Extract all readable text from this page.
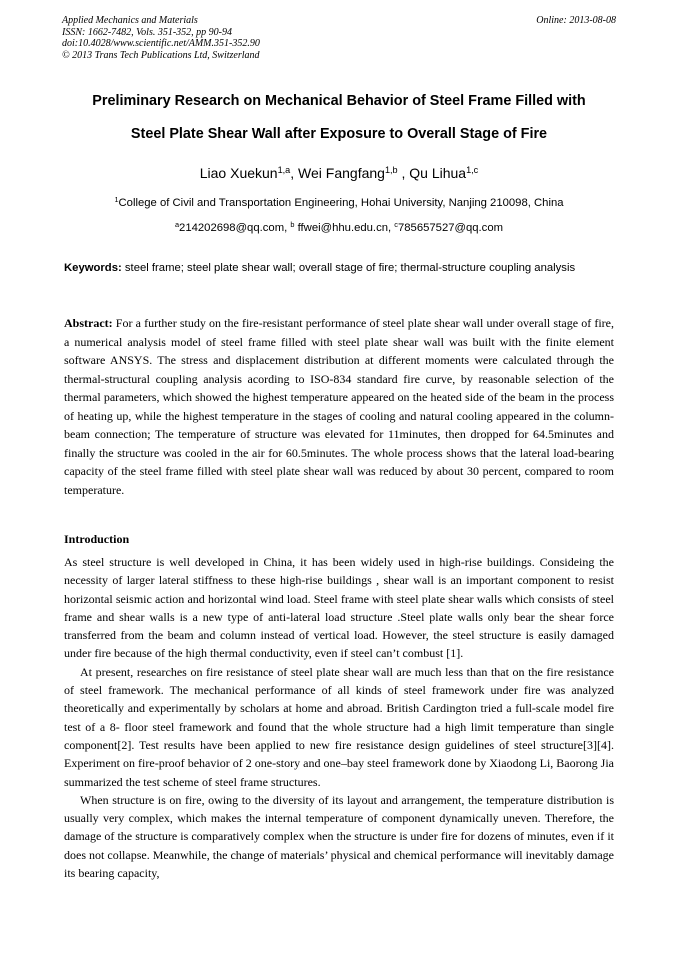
Applied Mechanics and Materials
ISSN: 1662-7482, Vols. 351-352, pp 90-94
doi:10.4028/www.scientific.net/AMM.351-352.90
© 2013 Trans Tech Publications Ltd, Switzerland
Online: 2013-08-08
Preliminary Research on Mechanical Behavior of Steel Frame Filled with
Steel Plate Shear Wall after Exposure to Overall Stage of Fire
Liao Xuekun$^{1,a}$, Wei Fangfang$^{1,b}$ , Qu Lihua$^{1,c}$
$^1$College of Civil and Transportation Engineering, Hohai University, Nanjing 210098, China
$^a$214202698@qq.com, $^b$ ffwei@hhu.edu.cn, $^c$785657527@qq.com
Keywords: steel frame; steel plate shear wall; overall stage of fire; thermal-structure coupling analysis
Abstract: For a further study on the fire-resistant performance of steel plate shear wall under overall stage of fire, a numerical analysis model of steel frame filled with steel plate shear wall was built with the finite element software ANSYS. The stress and displacement distribution at different moments were calculated through the thermal-structural coupling analysis acording to ISO-834 standard fire curve, by reasonable selection of the thermal parameters, which showed the highest temperature appeared on the heated side of the beam in the process of heating up, while the highest temperature in the stages of cooling and natural cooling appeared in the column-beam connection; The temperature of structure was elevated for 11minutes, then dropped for 64.5minutes and finally the structure was cooled in the air for 60.5minutes. The whole process shows that the lateral load-bearing capacity of the steel frame filled with steel plate shear wall was reduced by about 30 percent, compared to room temperature.
Introduction

As steel structure is well developed in China, it has been widely used in high-rise buildings. Consideing the necessity of larger lateral stiffness to these high-rise buildings , shear wall is an important component to resist horizontal seismic action and horizontal wind load. Steel frame with steel plate shear walls which consists of steel frame and shear walls is a new type of anti-lateral load structure .Steel plate walls only bear the shear force transferred from the beam and column instead of vertical load. However, the steel structure is easily damaged under fire because of the high thermal conductivity, even if steel can’t combust [1].

At present, researches on fire resistance of steel plate shear wall are much less than that on the fire resistance of steel framework. The mechanical performance of all kinds of steel framework under fire was analyzed theoretically and experimentally by scholars at home and abroad. British Cardington tried a full-scale model fire test of a 8- floor steel framework and found that the whole structure had a high limit temperature than single component[2]. Test results have been applied to new fire resistance design guidelines of steel structure[3][4]. Experiment on fire-proof behavior of 2 one-story and one–bay steel framework done by Xiaodong Li, Baorong Jia summarized the test scheme of steel frame structures.

When structure is on fire, owing to the diversity of its layout and arrangement, the temperature distribution is usually very complex, which makes the internal temperature of component dynamically uneven. Therefore, the damage of the structure is comparatively complex when the structure is under fire for dozens of minutes, even if it does not collapse. Meanwhile, the change of materials’ physical and chemical performance will inevitably damage its bearing capacity,
